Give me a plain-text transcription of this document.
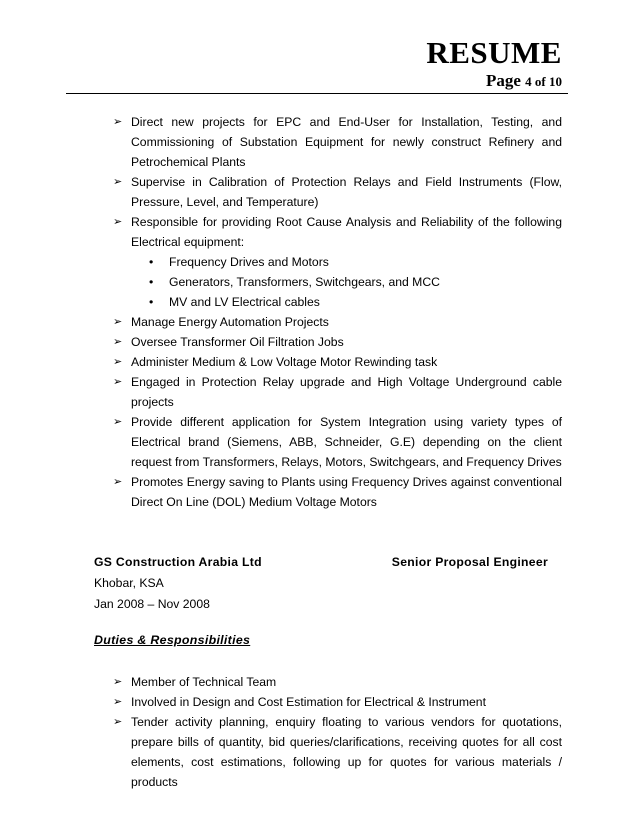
RESUME
Page 4 of 10
➢ Direct new projects for EPC and End-User for Installation, Testing, and Commissioning of Substation Equipment for newly construct Refinery and Petrochemical Plants
➢ Supervise in Calibration of Protection Relays and Field Instruments (Flow, Pressure, Level, and Temperature)
➢ Responsible for providing Root Cause Analysis and Reliability of the following Electrical equipment:
• Frequency Drives and Motors
• Generators, Transformers, Switchgears, and MCC
• MV and LV Electrical cables
➢ Manage Energy Automation Projects
➢ Oversee Transformer Oil Filtration Jobs
➢ Administer Medium & Low Voltage Motor Rewinding task
➢ Engaged in Protection Relay upgrade and High Voltage Underground cable projects
➢ Provide different application for System Integration using variety types of Electrical brand (Siemens, ABB, Schneider, G.E) depending on the client request from Transformers, Relays, Motors, Switchgears, and Frequency Drives
➢ Promotes Energy saving to Plants using Frequency Drives against conventional Direct On Line (DOL) Medium Voltage Motors
GS Construction Arabia Ltd	Senior Proposal Engineer
Khobar, KSA
Jan 2008 – Nov 2008
Duties & Responsibilities
➢ Member of Technical Team
➢ Involved in Design and Cost Estimation for Electrical & Instrument
➢ Tender activity planning, enquiry floating to various vendors for quotations, prepare bills of quantity, bid queries/clarifications, receiving quotes for all cost elements, cost estimations, following up for quotes for various materials / products
